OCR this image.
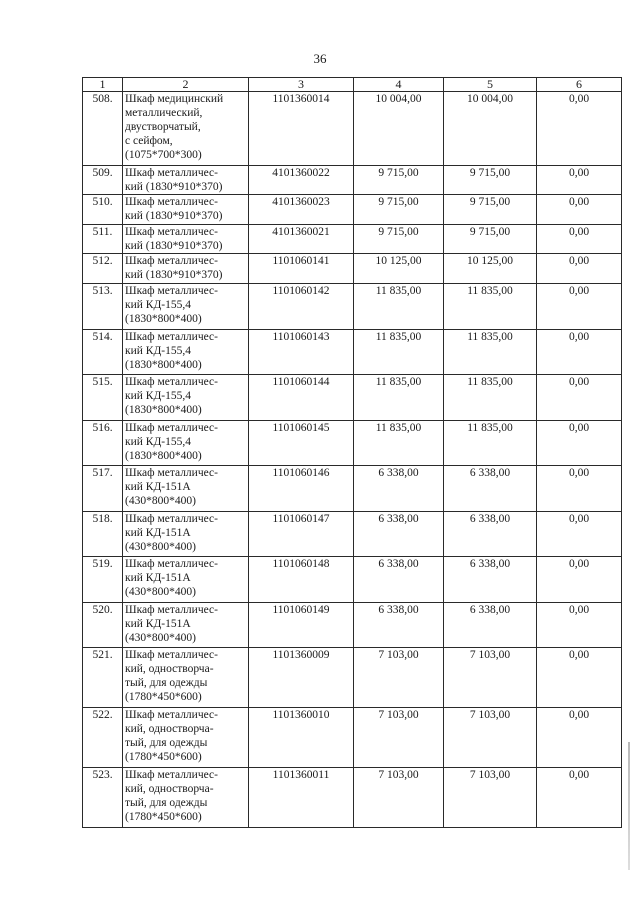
36
1	2	3	4	5	6
508.	Шкаф медицинский
металлический,
двустворчатый,
с сейфом,
(1075*700*300)	1101360014	10 004,00	10 004,00	0,00
509.	Шкаф металличес-
кий (1830*910*370)	4101360022	9 715,00	9 715,00	0,00
510.	Шкаф металличес-
кий (1830*910*370)	4101360023	9 715,00	9 715,00	0,00
511.	Шкаф металличес-
кий (1830*910*370)	4101360021	9 715,00	9 715,00	0,00
512.	Шкаф металличес-
кий (1830*910*370)	1101060141	10 125,00	10 125,00	0,00
513.	Шкаф металличес-
кий КД-155,4
(1830*800*400)	1101060142	11 835,00	11 835,00	0,00
514.	Шкаф металличес-
кий КД-155,4
(1830*800*400)	1101060143	11 835,00	11 835,00	0,00
515.	Шкаф металличес-
кий КД-155,4
(1830*800*400)	1101060144	11 835,00	11 835,00	0,00
516.	Шкаф металличес-
кий КД-155,4
(1830*800*400)	1101060145	11 835,00	11 835,00	0,00
517.	Шкаф металличес-
кий КД-151А
(430*800*400)	1101060146	6 338,00	6 338,00	0,00
518.	Шкаф металличес-
кий КД-151А
(430*800*400)	1101060147	6 338,00	6 338,00	0,00
519.	Шкаф металличес-
кий КД-151А
(430*800*400)	1101060148	6 338,00	6 338,00	0,00
520.	Шкаф металличес-
кий КД-151А
(430*800*400)	1101060149	6 338,00	6 338,00	0,00
521.	Шкаф металличес-
кий, одностворча-
тый, для одежды
(1780*450*600)	1101360009	7 103,00	7 103,00	0,00
522.	Шкаф металличес-
кий, одностворча-
тый, для одежды
(1780*450*600)	1101360010	7 103,00	7 103,00	0,00
523.	Шкаф металличес-
кий, одностворча-
тый, для одежды
(1780*450*600)	1101360011	7 103,00	7 103,00	0,00
